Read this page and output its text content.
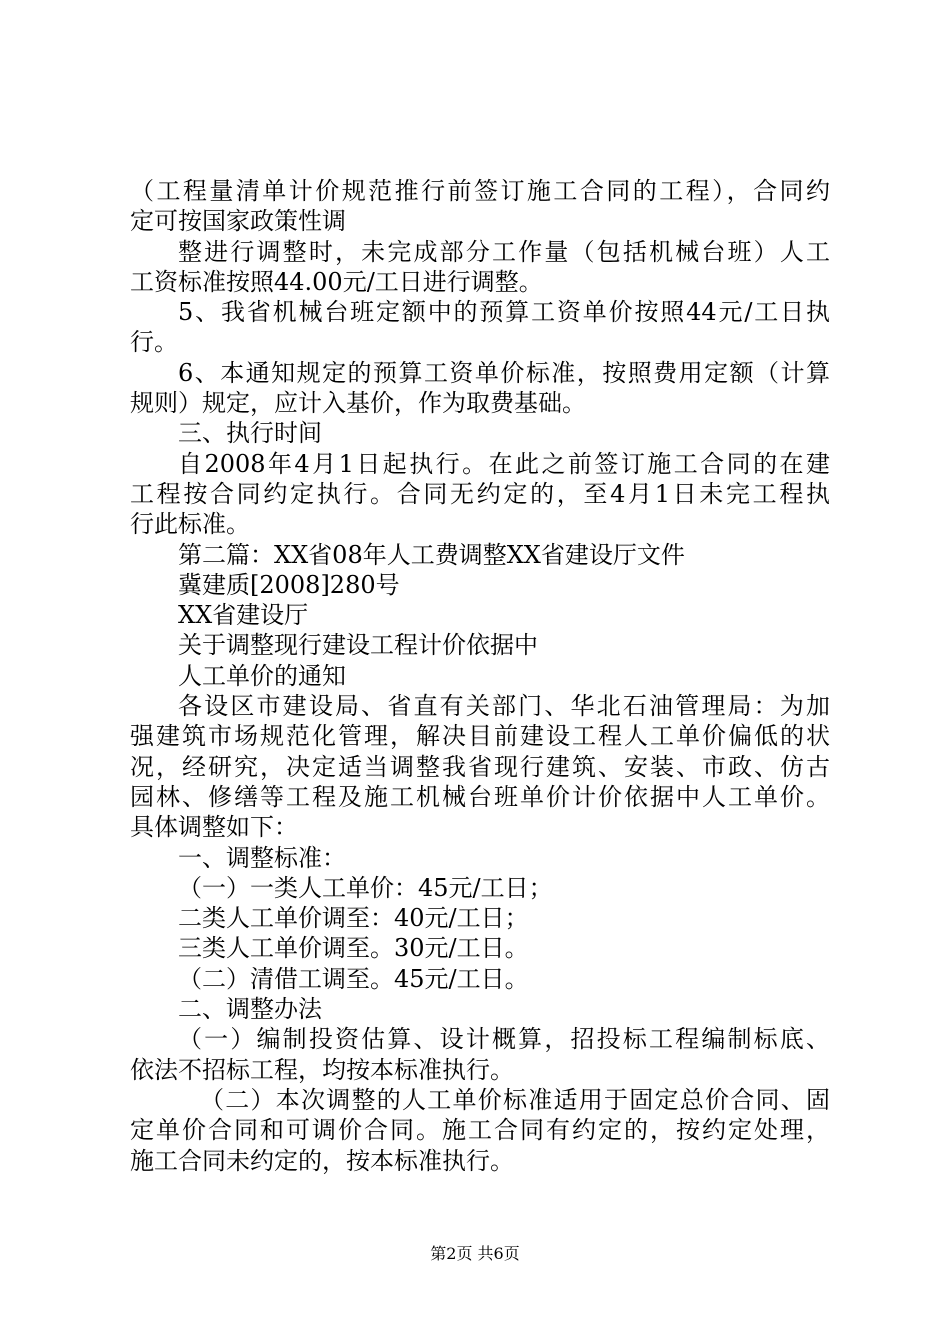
（工程量清单计价规范推行前签订施工合同的工程），合同约
定可按国家政策性调
整进行调整时，未完成部分工作量（包括机械台班）人工
工资标准按照44.00元/工日进行调整。
5、我省机械台班定额中的预算工资单价按照44元/工日执
行。
6、本通知规定的预算工资单价标准，按照费用定额（计算
规则）规定，应计入基价，作为取费基础。
三、执行时间
自2008年4月1日起执行。在此之前签订施工合同的在建
工程按合同约定执行。合同无约定的，至4月1日未完工程执
行此标准。
第二篇：XX省08年人工费调整XX省建设厅文件
冀建质[2008]280号
XX省建设厅
关于调整现行建设工程计价依据中
人工单价的通知
各设区市建设局、省直有关部门、华北石油管理局：为加
强建筑市场规范化管理，解决目前建设工程人工单价偏低的状
况，经研究，决定适当调整我省现行建筑、安装、市政、仿古
园林、修缮等工程及施工机械台班单价计价依据中人工单价。
具体调整如下：
一、调整标准：
（一）一类人工单价：45元/工日；
二类人工单价调至：40元/工日；
三类人工单价调至。30元/工日。
（二）清借工调至。45元/工日。
二、调整办法
（一）编制投资估算、设计概算，招投标工程编制标底、
依法不招标工程，均按本标准执行。
（二）本次调整的人工单价标准适用于固定总价合同、固
定单价合同和可调价合同。施工合同有约定的，按约定处理，
施工合同未约定的，按本标准执行。
第2页 共6页
